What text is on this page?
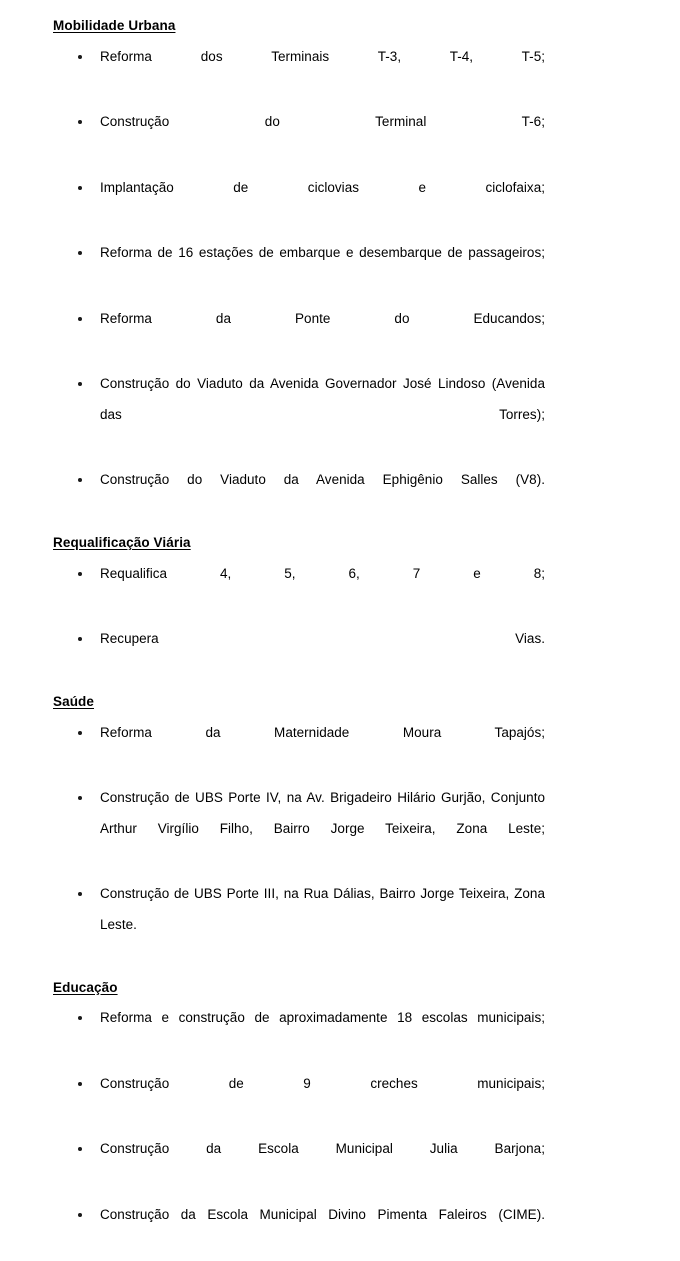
Mobilidade Urbana
Reforma dos Terminais T-3, T-4, T-5;
Construção do Terminal T-6;
Implantação de ciclovias e ciclofaixa;
Reforma de 16 estações de embarque e desembarque de passageiros;
Reforma da Ponte do Educandos;
Construção do Viaduto da Avenida Governador José Lindoso (Avenida das Torres);
Construção do Viaduto da Avenida Ephigênio Salles (V8).
Requalificação Viária
Requalifica 4, 5, 6, 7 e 8;
Recupera Vias.
Saúde
Reforma da Maternidade Moura Tapajós;
Construção de UBS Porte IV, na Av. Brigadeiro Hilário Gurjão, Conjunto Arthur Virgílio Filho, Bairro Jorge Teixeira, Zona Leste;
Construção de UBS Porte III, na Rua Dálias, Bairro Jorge Teixeira, Zona Leste.
Educação
Reforma e construção de aproximadamente 18 escolas municipais;
Construção de 9 creches municipais;
Construção da Escola Municipal Julia Barjona;
Construção da Escola Municipal Divino Pimenta Faleiros (CIME).
